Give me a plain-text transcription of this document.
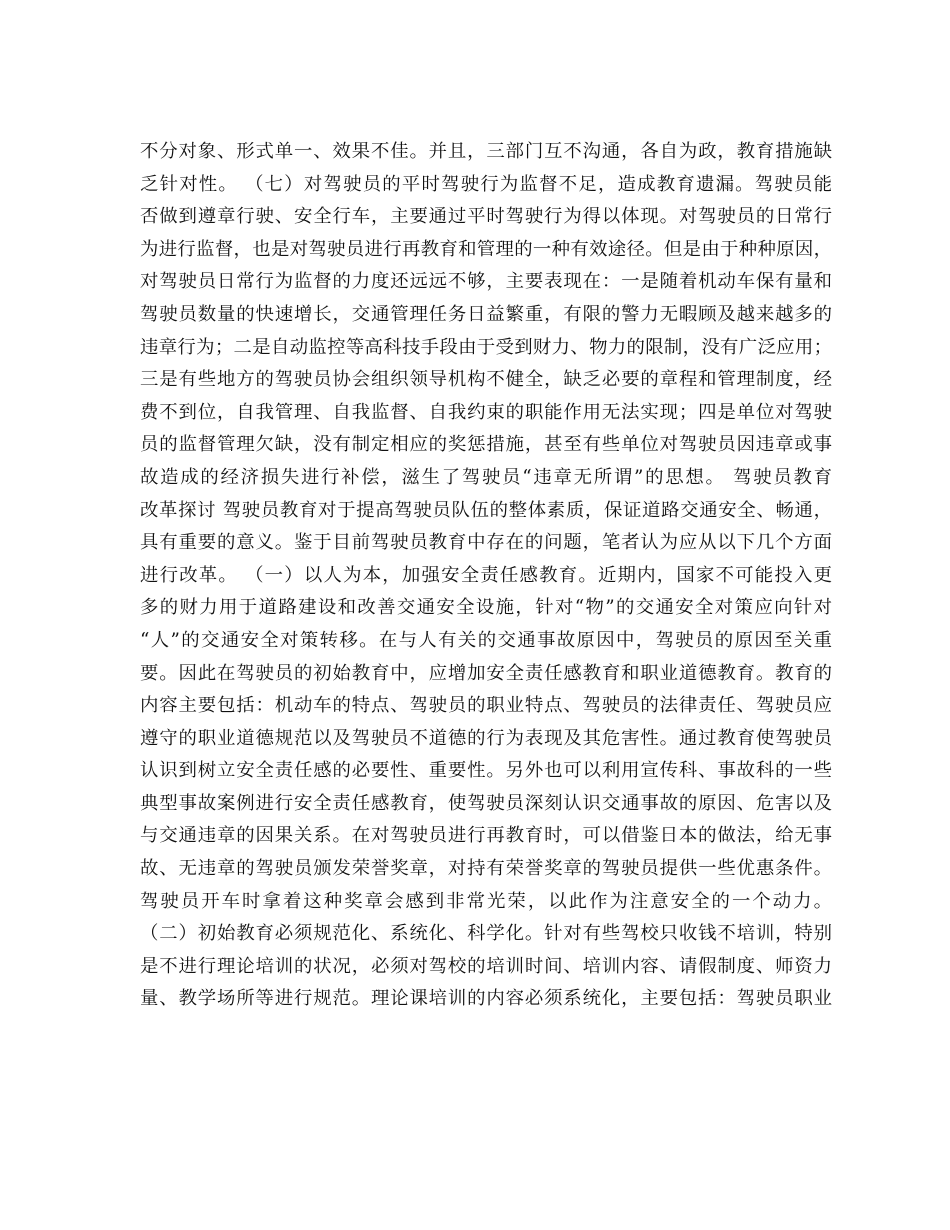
不分对象、形式单一、效果不佳。并且，三部门互不沟通，各自为政，教育措施缺
乏针对性。 （七）对驾驶员的平时驾驶行为监督不足，造成教育遗漏。驾驶员能
否做到遵章行驶、安全行车，主要通过平时驾驶行为得以体现。对驾驶员的日常行
为进行监督，也是对驾驶员进行再教育和管理的一种有效途径。但是由于种种原因，
对驾驶员日常行为监督的力度还远远不够，主要表现在：一是随着机动车保有量和
驾驶员数量的快速增长，交通管理任务日益繁重，有限的警力无暇顾及越来越多的
违章行为；二是自动监控等高科技手段由于受到财力、物力的限制，没有广泛应用；
三是有些地方的驾驶员协会组织领导机构不健全，缺乏必要的章程和管理制度，经
费不到位，自我管理、自我监督、自我约束的职能作用无法实现；四是单位对驾驶
员的监督管理欠缺，没有制定相应的奖惩措施，甚至有些单位对驾驶员因违章或事
故造成的经济损失进行补偿，滋生了驾驶员“违章无所谓”的思想。 驾驶员教育
改革探讨 驾驶员教育对于提高驾驶员队伍的整体素质，保证道路交通安全、畅通，
具有重要的意义。鉴于目前驾驶员教育中存在的问题，笔者认为应从以下几个方面
进行改革。 （一）以人为本，加强安全责任感教育。近期内，国家不可能投入更
多的财力用于道路建设和改善交通安全设施，针对“物”的交通安全对策应向针对
“人”的交通安全对策转移。在与人有关的交通事故原因中，驾驶员的原因至关重
要。因此在驾驶员的初始教育中，应增加安全责任感教育和职业道德教育。教育的
内容主要包括：机动车的特点、驾驶员的职业特点、驾驶员的法律责任、驾驶员应
遵守的职业道德规范以及驾驶员不道德的行为表现及其危害性。通过教育使驾驶员
认识到树立安全责任感的必要性、重要性。另外也可以利用宣传科、事故科的一些
典型事故案例进行安全责任感教育，使驾驶员深刻认识交通事故的原因、危害以及
与交通违章的因果关系。在对驾驶员进行再教育时，可以借鉴日本的做法，给无事
故、无违章的驾驶员颁发荣誉奖章，对持有荣誉奖章的驾驶员提供一些优惠条件。
驾驶员开车时拿着这种奖章会感到非常光荣，以此作为注意安全的一个动力。
（二）初始教育必须规范化、系统化、科学化。针对有些驾校只收钱不培训，特别
是不进行理论培训的状况，必须对驾校的培训时间、培训内容、请假制度、师资力
量、教学场所等进行规范。理论课培训的内容必须系统化，主要包括：驾驶员职业
